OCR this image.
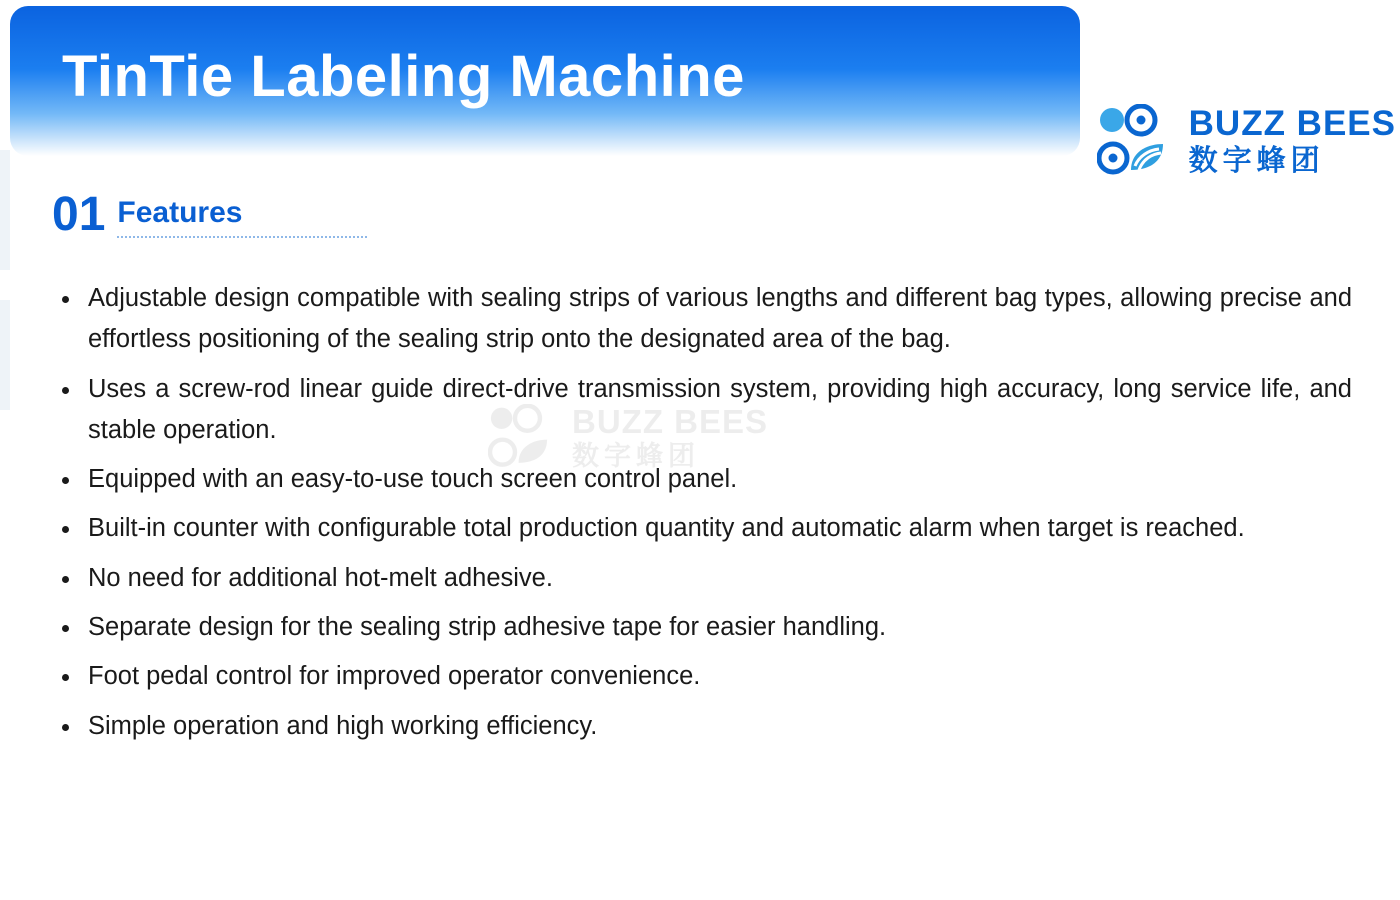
TinTie Labeling Machine
BUZZ BEES
数字蜂团
01 Features
BUZZ BEES
数字蜂团
Adjustable design compatible with sealing strips of various lengths and different bag types, allowing precise and effortless positioning of the sealing strip onto the designated area of the bag.
Uses a screw-rod linear guide direct-drive transmission system, providing high accuracy, long service life, and stable operation.
Equipped with an easy-to-use touch screen control panel.
Built-in counter with configurable total production quantity and automatic alarm when target is reached.
No need for additional hot-melt adhesive.
Separate design for the sealing strip adhesive tape for easier handling.
Foot pedal control for improved operator convenience.
Simple operation and high working efficiency.
